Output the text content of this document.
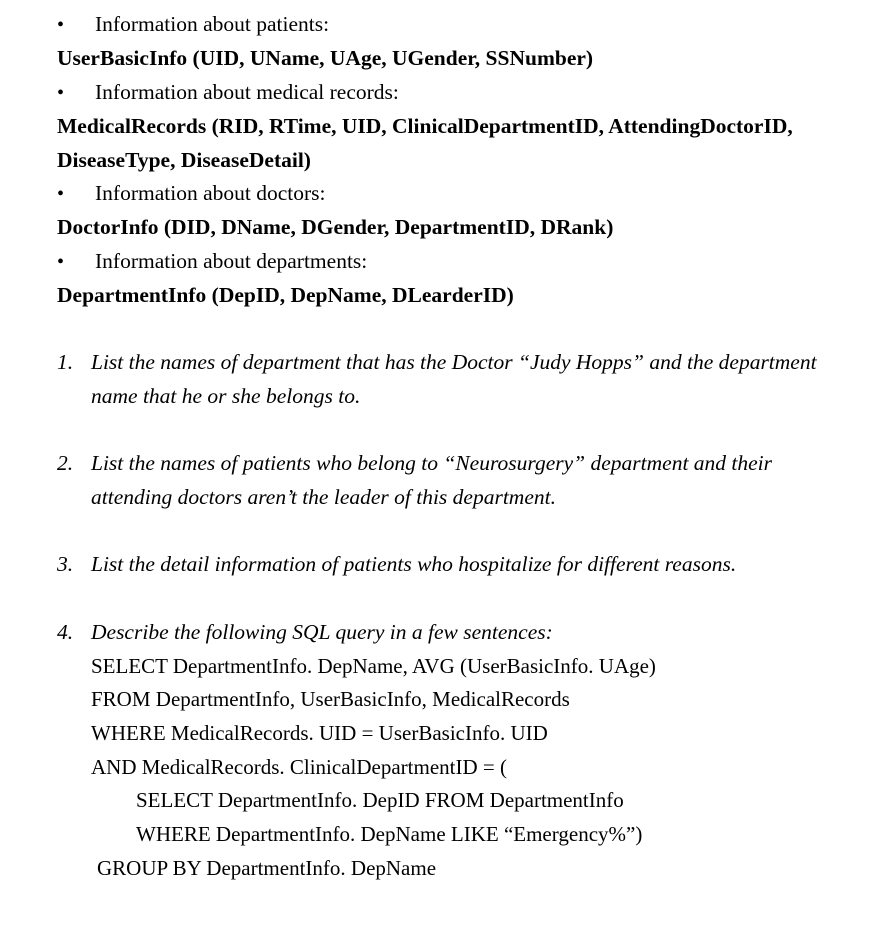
• Information about patients:
UserBasicInfo (UID, UName, UAge, UGender, SSNumber)
• Information about medical records:
MedicalRecords (RID, RTime, UID, ClinicalDepartmentID, AttendingDoctorID,
DiseaseType, DiseaseDetail)
• Information about doctors:
DoctorInfo (DID, DName, DGender, DepartmentID, DRank)
• Information about departments:
DepartmentInfo (DepID, DepName, DLearderID)
1. List the names of department that has the Doctor “Judy Hopps” and the department
name that he or she belongs to.
2. List the names of patients who belong to “Neurosurgery” department and their
attending doctors aren’t the leader of this department.
3. List the detail information of patients who hospitalize for different reasons.
4. Describe the following SQL query in a few sentences:
SELECT DepartmentInfo. DepName, AVG (UserBasicInfo. UAge)
FROM DepartmentInfo, UserBasicInfo, MedicalRecords
WHERE MedicalRecords. UID = UserBasicInfo. UID
AND MedicalRecords. ClinicalDepartmentID = (
SELECT DepartmentInfo. DepID FROM DepartmentInfo
WHERE DepartmentInfo. DepName LIKE “Emergency%”)
GROUP BY DepartmentInfo. DepName
